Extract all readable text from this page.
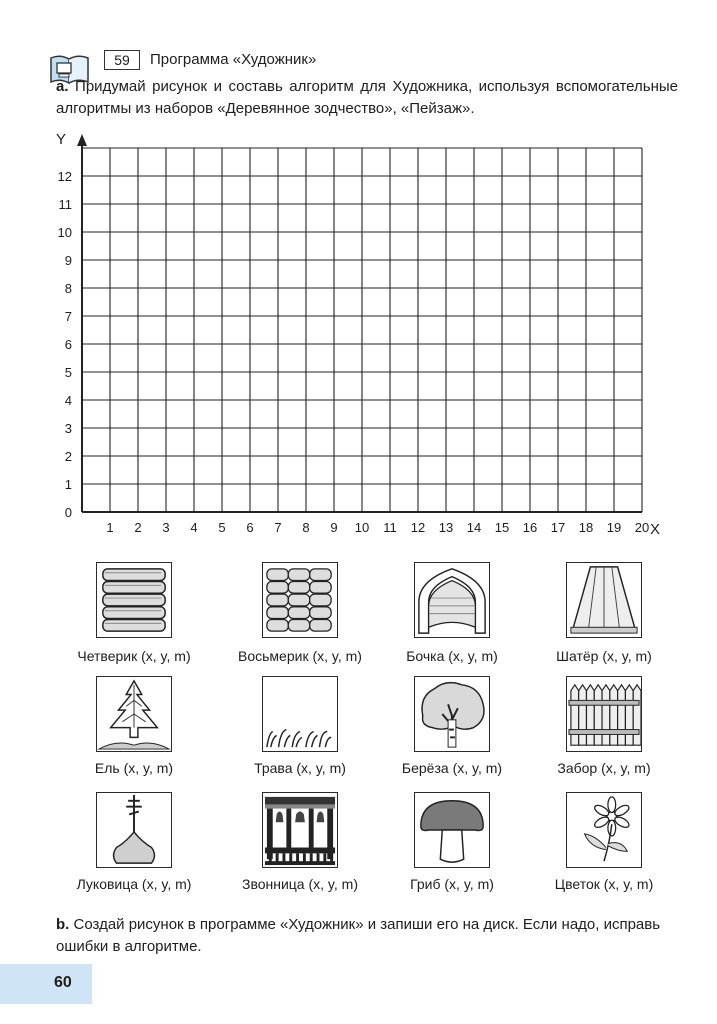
59	Программа «Художник»
a. Придумай рисунок и составь алгоритм для Художника, используя вспомогательные алгоритмы из наборов «Деревянное зодчество», «Пейзаж».
Y
X
1 2 3 4 5 6 7 8 9 10 11 12 13 14 15 16 17 18 19 20
0
1
2
3
4
5
6
7
8
9
10
11
12
Четверик (x, y, m)	Восьмерик (x, y, m)	Бочка (x, y, m)	Шатёр (x, y, m)
Ель (x, y, m)	Трава (x, y, m)	Берёза (x, y, m)	Забор (x, y, m)
Луковица (x, y, m)	Звонница (x, y, m)	Гриб (x, y, m)	Цветок (x, y, m)
b. Создай рисунок в программе «Художник» и запиши его на диск. Если надо, исправь ошибки в алгоритме.
60
